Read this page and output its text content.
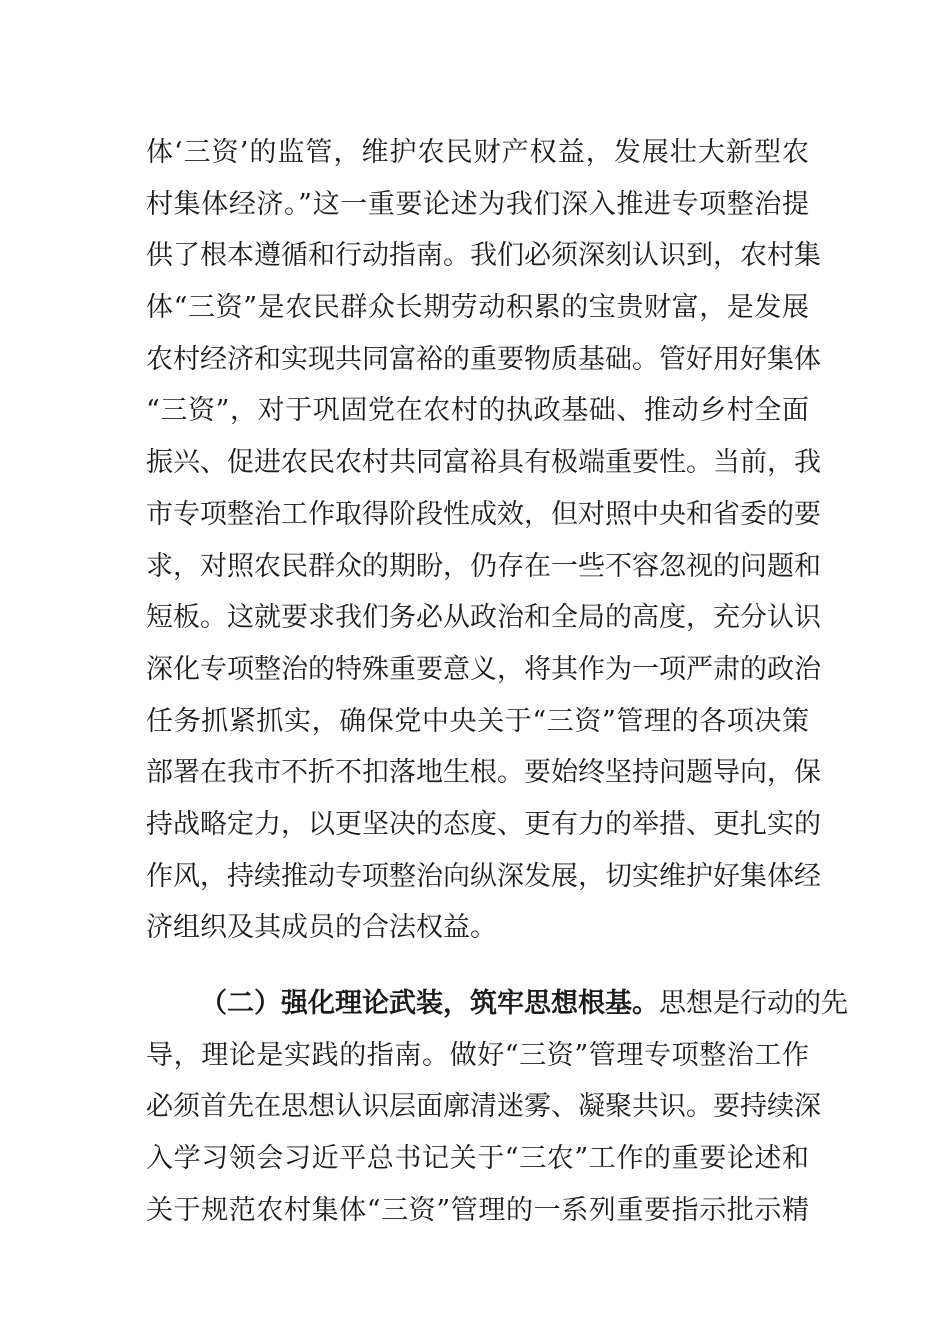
体‘三资’的监管，维护农民财产权益，发展壮大新型农
村集体经济。”这一重要论述为我们深入推进专项整治提
供了根本遵循和行动指南。我们必须深刻认识到，农村集
体“三资”是农民群众长期劳动积累的宝贵财富，是发展
农村经济和实现共同富裕的重要物质基础。管好用好集体
“三资”，对于巩固党在农村的执政基础、推动乡村全面
振兴、促进农民农村共同富裕具有极端重要性。当前，我
市专项整治工作取得阶段性成效，但对照中央和省委的要
求，对照农民群众的期盼，仍存在一些不容忽视的问题和
短板。这就要求我们务必从政治和全局的高度，充分认识
深化专项整治的特殊重要意义，将其作为一项严肃的政治
任务抓紧抓实，确保党中央关于“三资”管理的各项决策
部署在我市不折不扣落地生根。要始终坚持问题导向，保
持战略定力，以更坚决的态度、更有力的举措、更扎实的
作风，持续推动专项整治向纵深发展，切实维护好集体经
济组织及其成员的合法权益。
（二）强化理论武装，筑牢思想根基。思想是行动的先
导，理论是实践的指南。做好“三资”管理专项整治工作
必须首先在思想认识层面廓清迷雾、凝聚共识。要持续深
入学习领会习近平总书记关于“三农”工作的重要论述和
关于规范农村集体“三资”管理的一系列重要指示批示精
